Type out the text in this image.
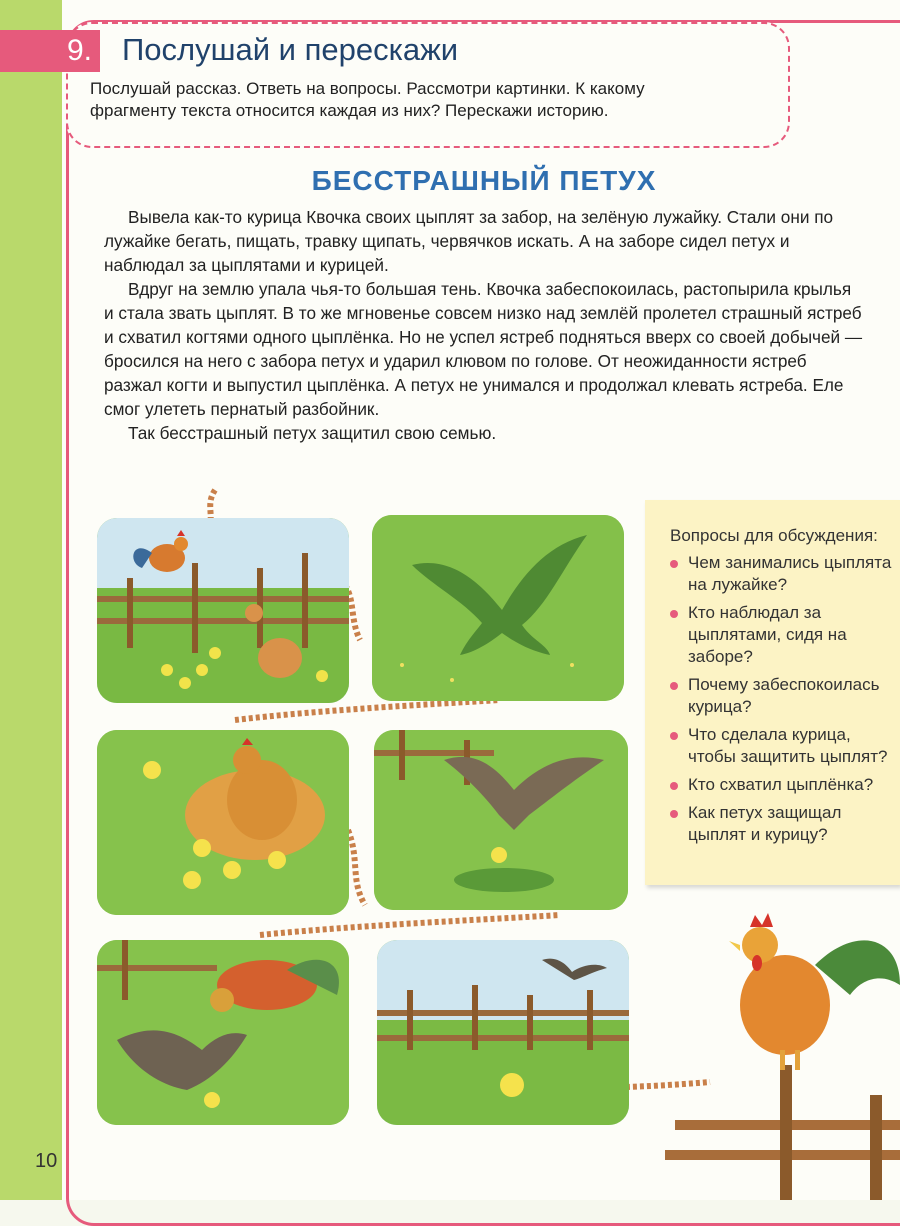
9. Послушай и перескажи
Послушай рассказ. Ответь на вопросы. Рассмотри картинки. К какому фрагменту текста относится каждая из них? Перескажи историю.
БЕССТРАШНЫЙ ПЕТУХ

Вывела как-то курица Квочка своих цыплят за забор, на зелёную лужайку. Стали они по лужайке бегать, пищать, травку щипать, червячков искать. А на заборе сидел петух и наблюдал за цыплятами и курицей.

Вдруг на землю упала чья-то большая тень. Квочка забеспокоилась, растопырила крылья и стала звать цыплят. В то же мгновенье совсем низко над землёй пролетел страшный ястреб и схватил когтями одного цыплёнка. Но не успел ястреб подняться вверх со своей добычей — бросился на него с забора петух и ударил клювом по голове. От неожиданности ястреб разжал когти и выпустил цыплёнка. А петух не унимался и продолжал клевать ястреба. Еле смог улететь пернатый разбойник.

Так бесстрашный петух защитил свою семью.

Вопросы для обсуждения:
Чем занимались цыплята на лужайке?
Кто наблюдал за цыплятами, сидя на заборе?
Почему забеспокоилась курица?
Что сделала курица, чтобы защитить цыплят?
Кто схватил цыплёнка?
Как петух защищал цыплят и курицу?
10
